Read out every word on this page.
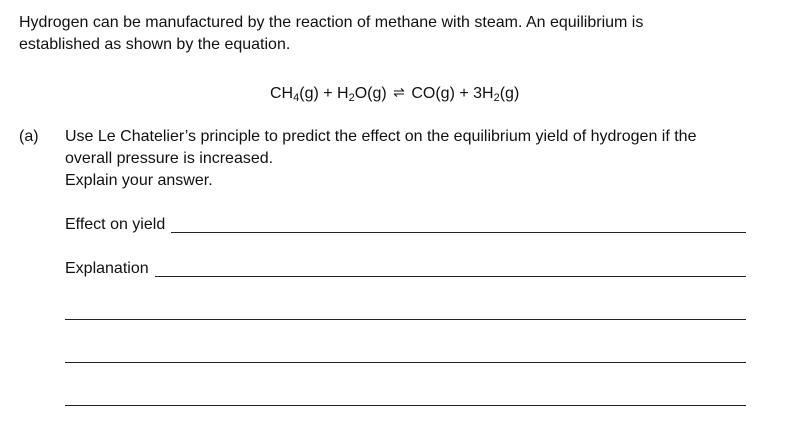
Hydrogen can be manufactured by the reaction of methane with steam. An equilibrium is
established as shown by the equation.
$CH_4(g) + H_2O(g)$ ⇌ $CO(g) + 3H_2(g)$
(a) Use Le Chatelier’s principle to predict the effect on the equilibrium yield of hydrogen if the
overall pressure is increased.
Explain your answer.
Effect on yield
Explanation
